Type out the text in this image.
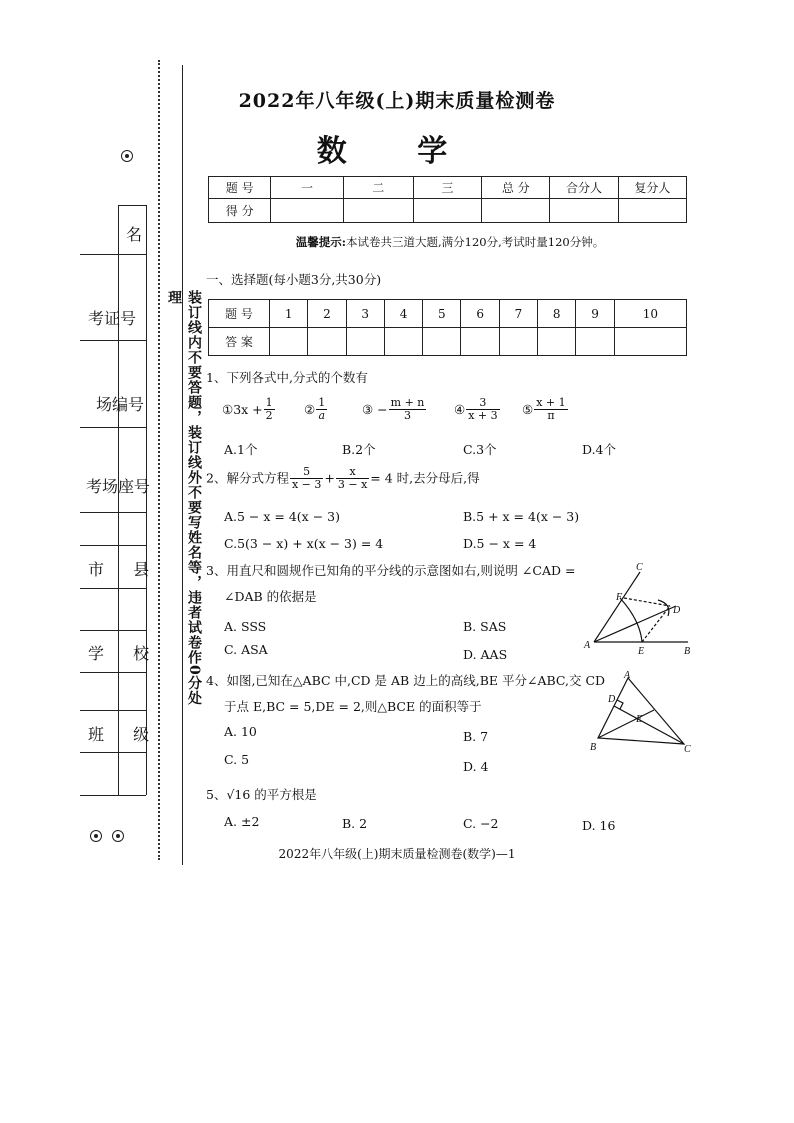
名
考证号
场编号
考场座号
市 县
学 校
班 级
装订线内不要答题，装订线外不要写姓名等，违者试卷作0分处理
2022年八年级(上)期末质量检测卷
数 学
题 号	一	二	三	总 分	合分人	复分人
得 分						
温馨提示:本试卷共三道大题,满分120分,考试时量120分钟。
一、选择题(每小题3分,共30分)
题 号	1	2	3	4	5	6	7	8	9	10
答 案										
1、下列各式中,分式的个数有
①3x + $\frac{1}{2}$ ② $\frac{1}{a}$	③ − $\frac{m + n}{3}$ ④ $\frac{3}{x + 3}$ ⑤ $\frac{x + 1}{\pi}$
A.1个	B.2个	C.3个	D.4个
2、解分式方程 $\frac{5}{x - 3} + \frac{x}{3 - x} = 4$ 时,去分母后,得
A.5 − x = 4(x − 3)	B.5 + x = 4(x − 3)
C.5(3 − x) + x(x − 3) = 4	D.5 − x = 4
3、用直尺和圆规作已知角的平分线的示意图如右,则说明 ∠CAD =
∠DAB 的依据是
A. SSS	B. SAS
C. ASA	D. AAS
A
B
C
D
E
F
4、如图,已知在△ABC 中,CD 是 AB 边上的高线,BE 平分∠ABC,交 CD
于点 E,BC = 5,DE = 2,则△BCE 的面积等于
A. 10	B. 7
C. 5	D. 4
A
B	C
D
E
5、√16 的平方根是
A. ±2	B. 2	C. −2	D. 16
2022年八年级(上)期末质量检测卷(数学)—1
